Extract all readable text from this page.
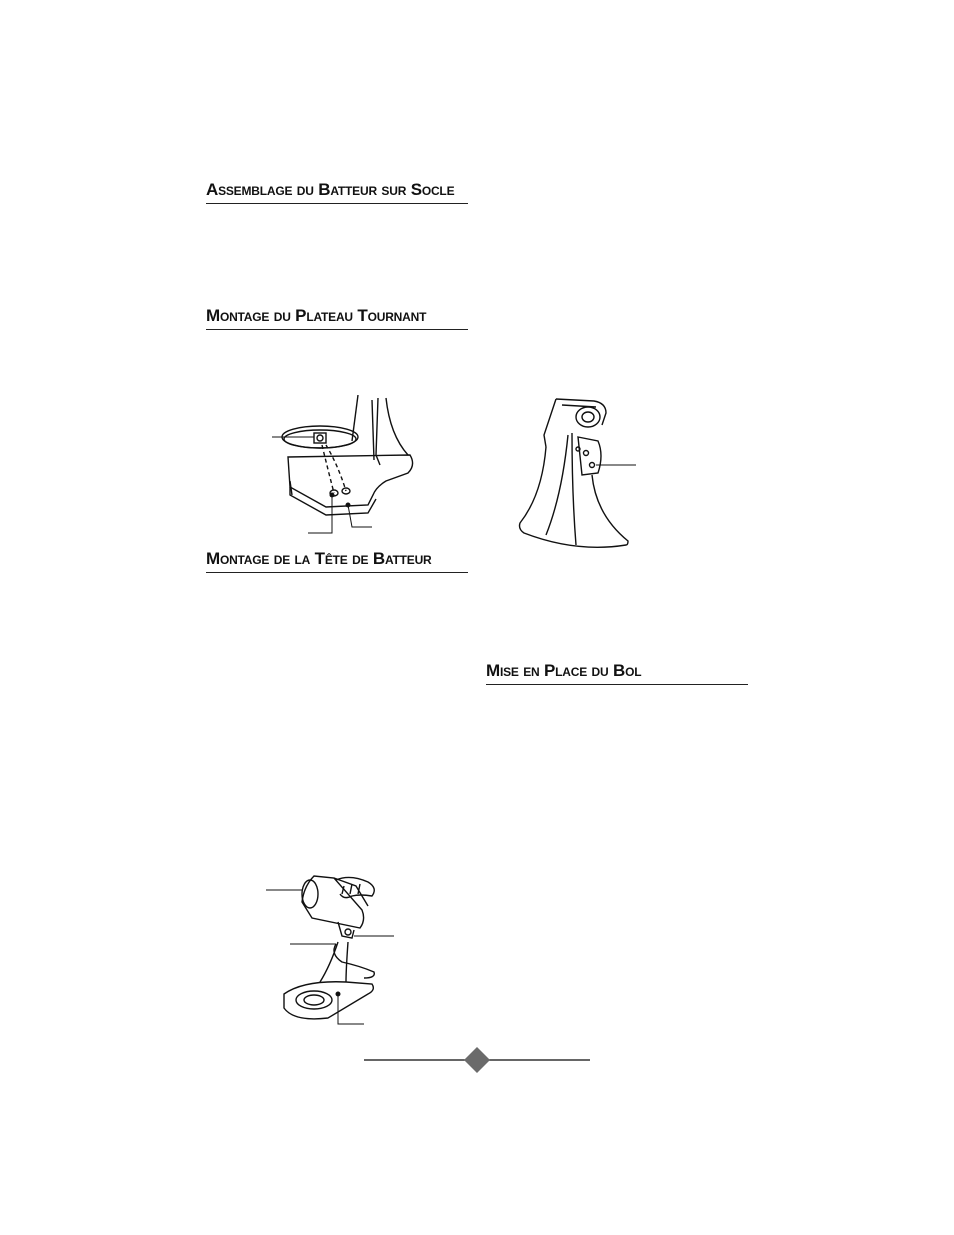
Assemblage du Batteur sur Socle
Montage du Plateau Tournant
Montage de la Tête de Batteur
Mise en Place du Bol
